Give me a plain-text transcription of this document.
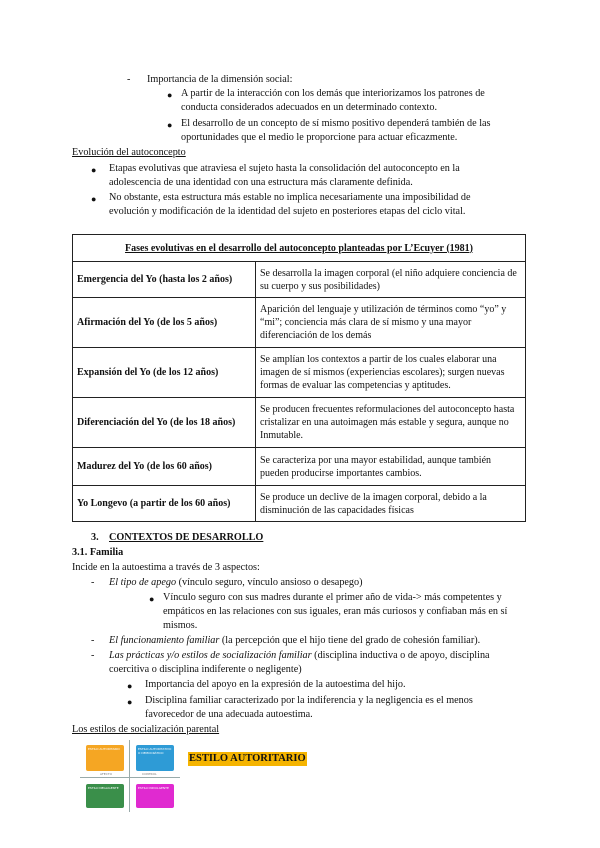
- Importancia de la dimensión social:
● A partir de la interacción con los demás que interiorizamos los patrones de
conducta considerados adecuados en un determinado contexto.
● El desarrollo de un concepto de sí mismo positivo dependerá también de las
oportunidades que el medio le proporcione para actuar eficazmente.
Evolución del autoconcepto
● Etapas evolutivas que atraviesa el sujeto hasta la consolidación del autoconcepto en la
adolescencia de una identidad con una estructura más claramente definida.
● No obstante, esta estructura más estable no implica necesariamente una imposibilidad de
evolución y modificación de la identidad del sujeto en posteriores etapas del ciclo vital.
Fases evolutivas en el desarrollo del autoconcepto planteadas por L’Ecuyer (1981)	
Emergencia del Yo (hasta los 2 años)	Se desarrolla la imagen corporal (el niño adquiere conciencia de su cuerpo y sus posibilidades)
Afirmación del Yo (de los 5 años)	Aparición del lenguaje y utilización de términos como “yo” y “mi”; conciencia más clara de sí mismo y una mayor diferenciación de los demás
Expansión del Yo (de los 12 años)	Se amplían los contextos a partir de los cuales elaborar una imagen de sí mismos (experiencias escolares); surgen nuevas formas de evaluar las competencias y aptitudes.
Diferenciación del Yo (de los 18 años)	Se producen frecuentes reformulaciones del autoconcepto hasta cristalizar en una autoimagen más estable y segura, aunque no Inmutable.
Madurez del Yo (de los 60 años)	Se caracteriza por una mayor estabilidad, aunque también pueden producirse importantes cambios.
Yo Longevo (a partir de los 60 años)	Se produce un declive de la imagen corporal, debido a la disminución de las capacidades físicas
3. CONTEXTOS DE DESARROLLO
3.1. Familia
Incide en la autoestima a través de 3 aspectos:
- El tipo de apego (vínculo seguro, vínculo ansioso o desapego)
● Vínculo seguro con sus madres durante el primer año de vida-> más competentes y
empáticos en las relaciones con sus iguales, eran más curiosos y confiaban más en sí
mismos.
- El funcionamiento familiar (la percepción que el hijo tiene del grado de cohesión familiar).
- Las prácticas y/o estilos de socialización familiar (disciplina inductiva o de apoyo, disciplina
coercitiva o disciplina indiferente o negligente)
● Importancia del apoyo en la expresión de la autoestima del hijo.
● Disciplina familiar caracterizado por la indiferencia y la negligencia es el menos
favorecedor de una adecuada autoestima.
Los estilos de socialización parental
ESTILO AUTORITARIO	ESTILO AUTORITATIVO O DEMOCRÁTICO
ESTILO NEGLIGENTE	ESTILO INDULGENTE
AFECTO	CONTROL
ESTILO AUTORITARIO
